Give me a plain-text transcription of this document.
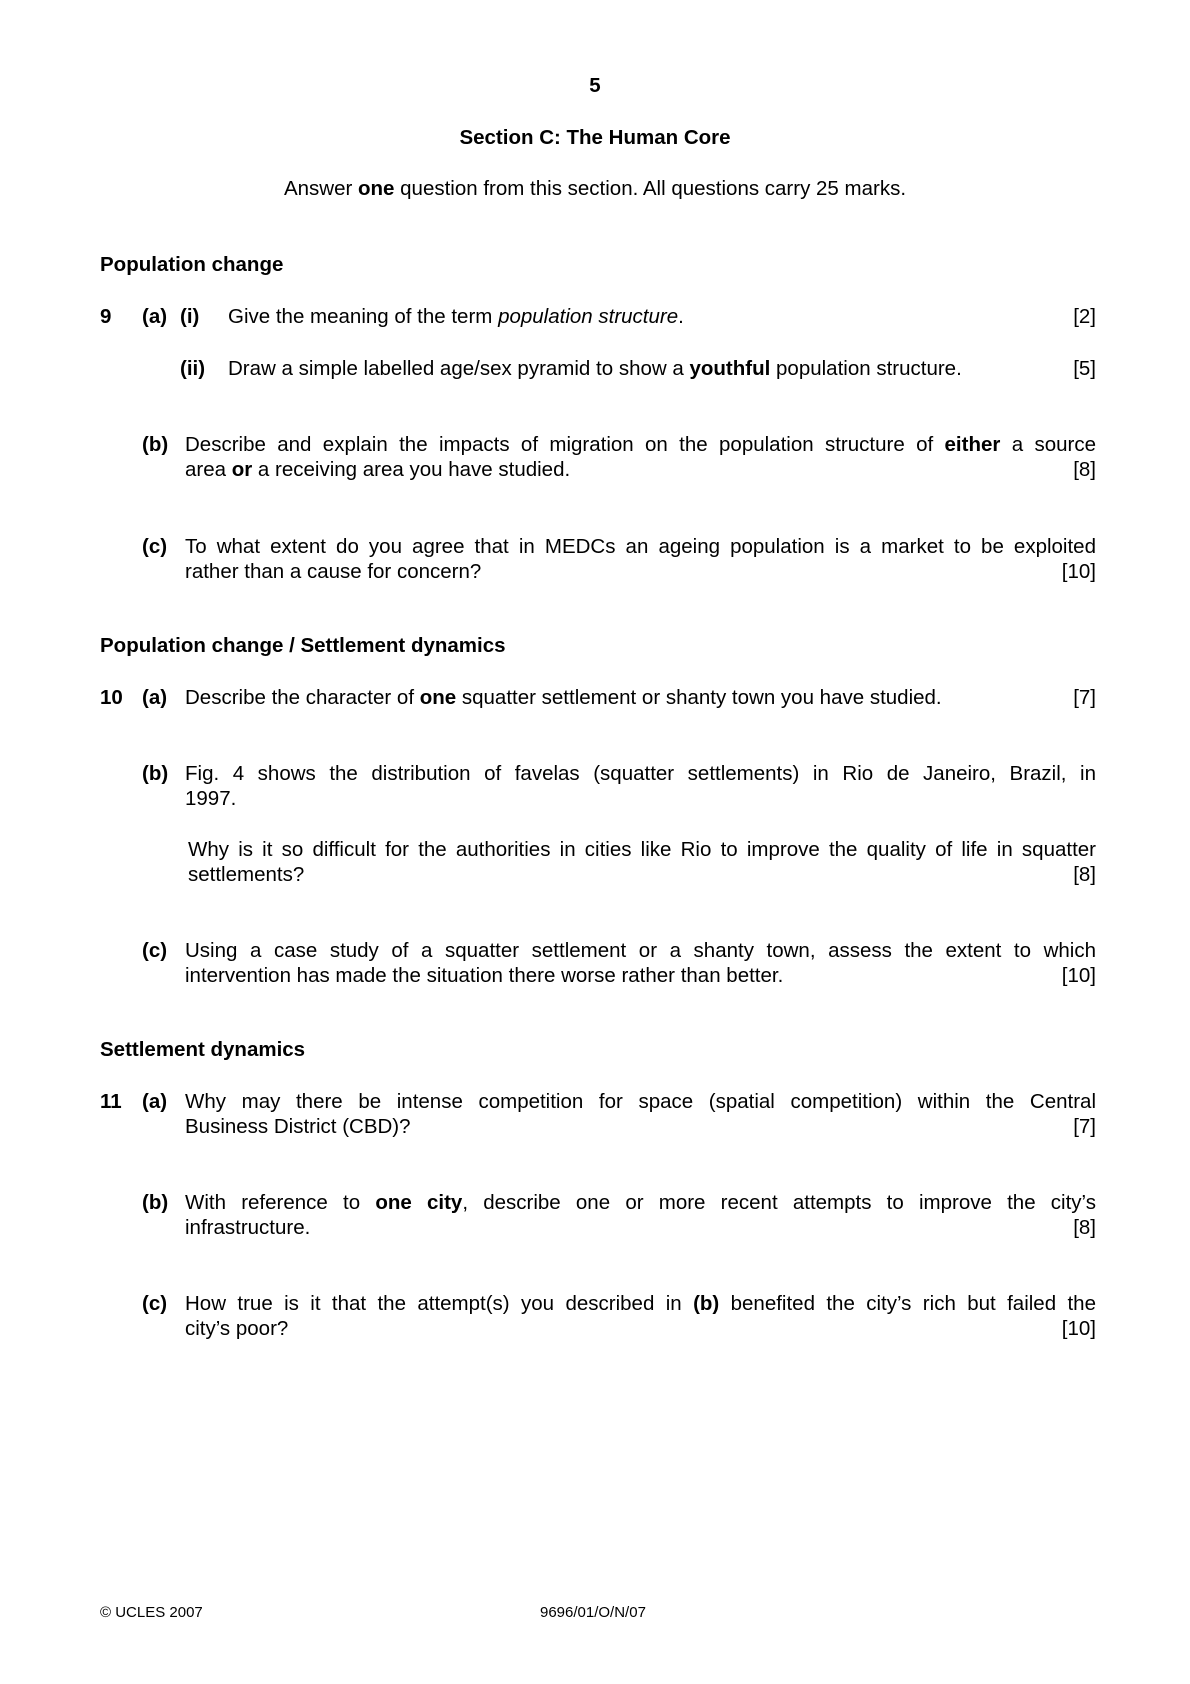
5
Section C: The Human Core
Answer one question from this section. All questions carry 25 marks.
Population change
9 (a) (i) Give the meaning of the term population structure.	[2]
(ii) Draw a simple labelled age/sex pyramid to show a youthful population structure.	[5]
(b) Describe and explain the impacts of migration on the population structure of either a source
area or a receiving area you have studied.	[8]
(c) To what extent do you agree that in MEDCs an ageing population is a market to be exploited
rather than a cause for concern?	[10]
Population change / Settlement dynamics
10 (a) Describe the character of one squatter settlement or shanty town you have studied.	[7]
(b) Fig. 4 shows the distribution of favelas (squatter settlements) in Rio de Janeiro, Brazil, in
1997.
Why is it so difficult for the authorities in cities like Rio to improve the quality of life in squatter
settlements?	[8]
(c) Using a case study of a squatter settlement or a shanty town, assess the extent to which
intervention has made the situation there worse rather than better.	[10]
Settlement dynamics
11 (a) Why may there be intense competition for space (spatial competition) within the Central
Business District (CBD)?	[7]
(b) With reference to one city, describe one or more recent attempts to improve the city’s
infrastructure.	[8]
(c) How true is it that the attempt(s) you described in (b) benefited the city’s rich but failed the
city’s poor?	[10]
© UCLES 2007	9696/01/O/N/07
